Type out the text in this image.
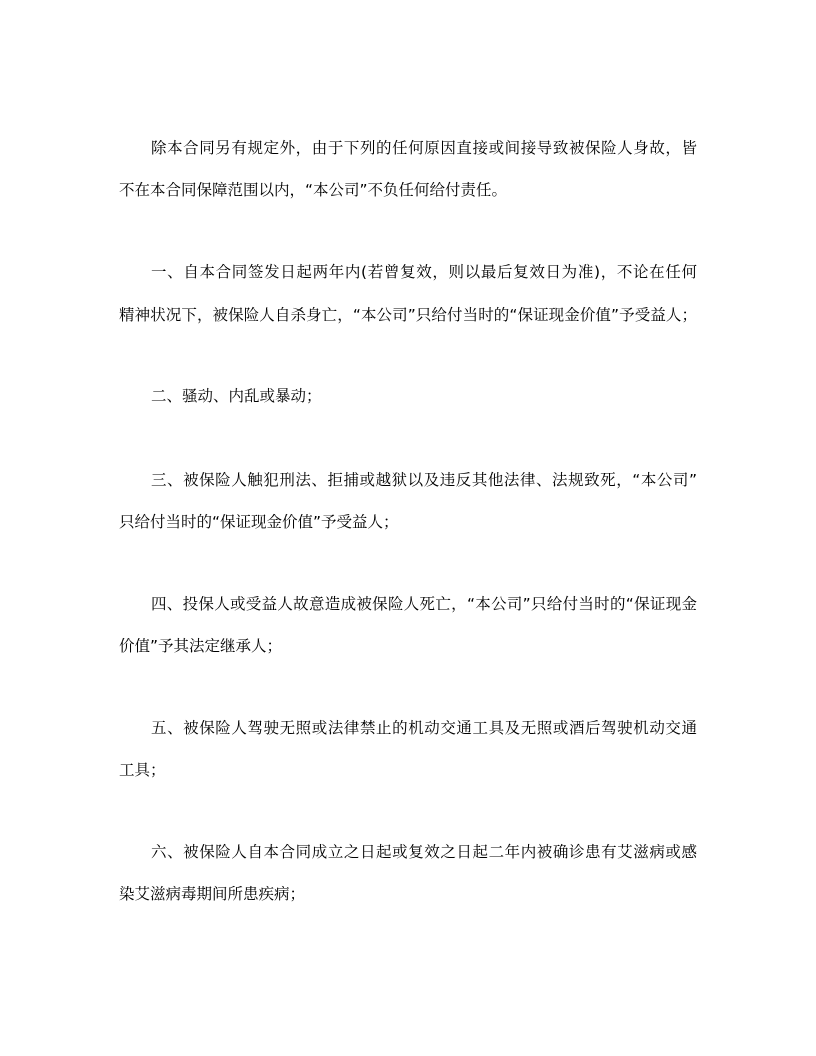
除本合同另有规定外，由于下列的任何原因直接或间接导致被保险人身故，皆
不在本合同保障范围以内，“本公司”不负任何给付责任。
一、自本合同签发日起两年内(若曾复效，则以最后复效日为准)，不论在任何
精神状况下，被保险人自杀身亡，“本公司”只给付当时的“保证现金价值”予受益人；
二、骚动、内乱或暴动；
三、被保险人触犯刑法、拒捕或越狱以及违反其他法律、法规致死，“本公司”
只给付当时的“保证现金价值”予受益人；
四、投保人或受益人故意造成被保险人死亡，“本公司”只给付当时的“保证现金
价值”予其法定继承人；
五、被保险人驾驶无照或法律禁止的机动交通工具及无照或酒后驾驶机动交通
工具；
六、被保险人自本合同成立之日起或复效之日起二年内被确诊患有艾滋病或感
染艾滋病毒期间所患疾病；
